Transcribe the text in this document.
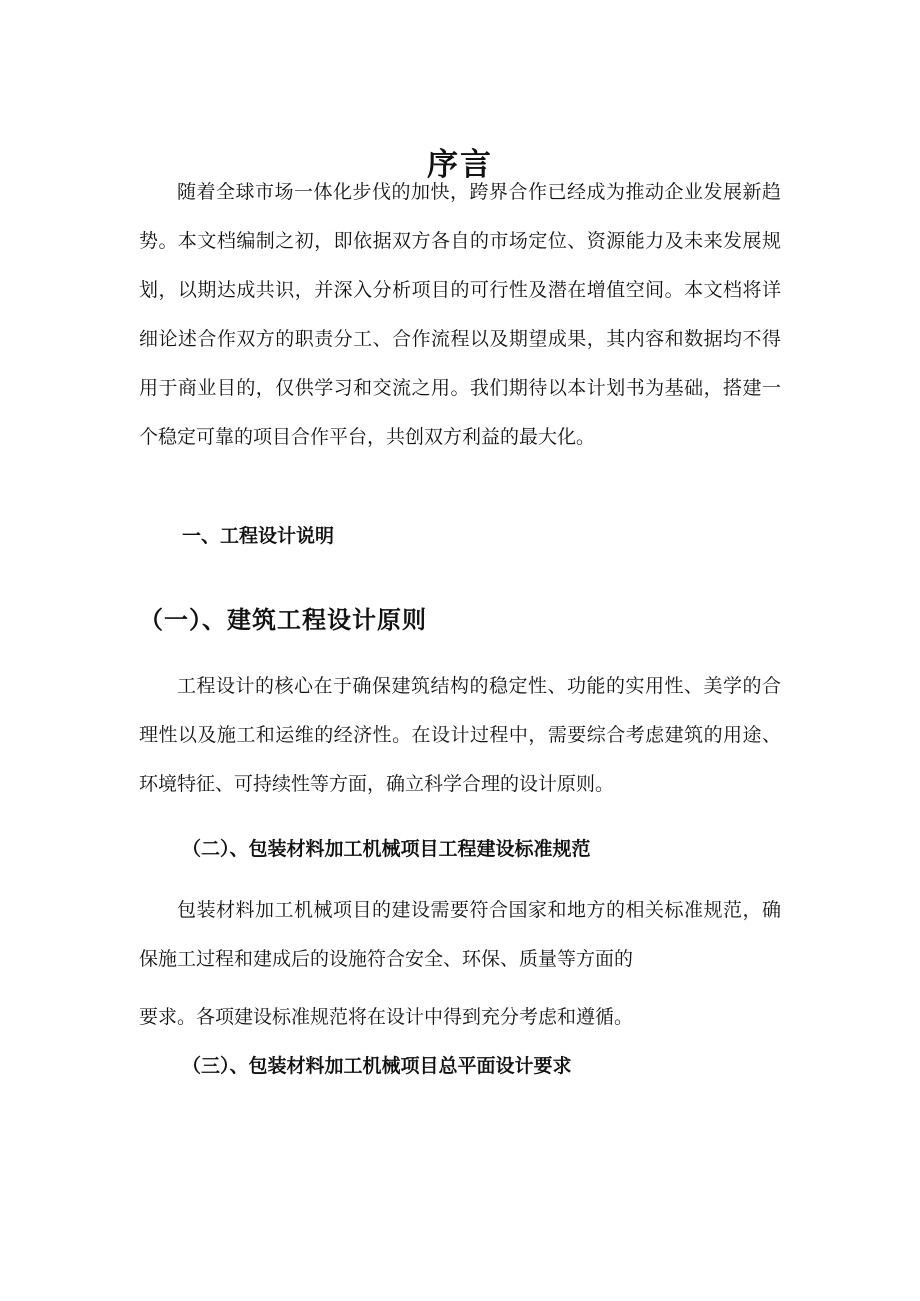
序言

随着全球市场一体化步伐的加快，跨界合作已经成为推动企业发展新趋势。本文档编制之初，即依据双方各自的市场定位、资源能力及未来发展规划，以期达成共识，并深入分析项目的可行性及潜在增值空间。本文档将详细论述合作双方的职责分工、合作流程以及期望成果，其内容和数据均不得用于商业目的，仅供学习和交流之用。我们期待以本计划书为基础，搭建一个稳定可靠的项目合作平台，共创双方利益的最大化。

一、工程设计说明
（一）、建筑工程设计原则

工程设计的核心在于确保建筑结构的稳定性、功能的实用性、美学的合理性以及施工和运维的经济性。在设计过程中，需要综合考虑建筑的用途、环境特征、可持续性等方面，确立科学合理的设计原则。

（二）、包装材料加工机械项目工程建设标准规范

包装材料加工机械项目的建设需要符合国家和地方的相关标准规范，确保施工过程和建成后的设施符合安全、环保、质量等方面的

要求。各项建设标准规范将在设计中得到充分考虑和遵循。

（三）、包装材料加工机械项目总平面设计要求
